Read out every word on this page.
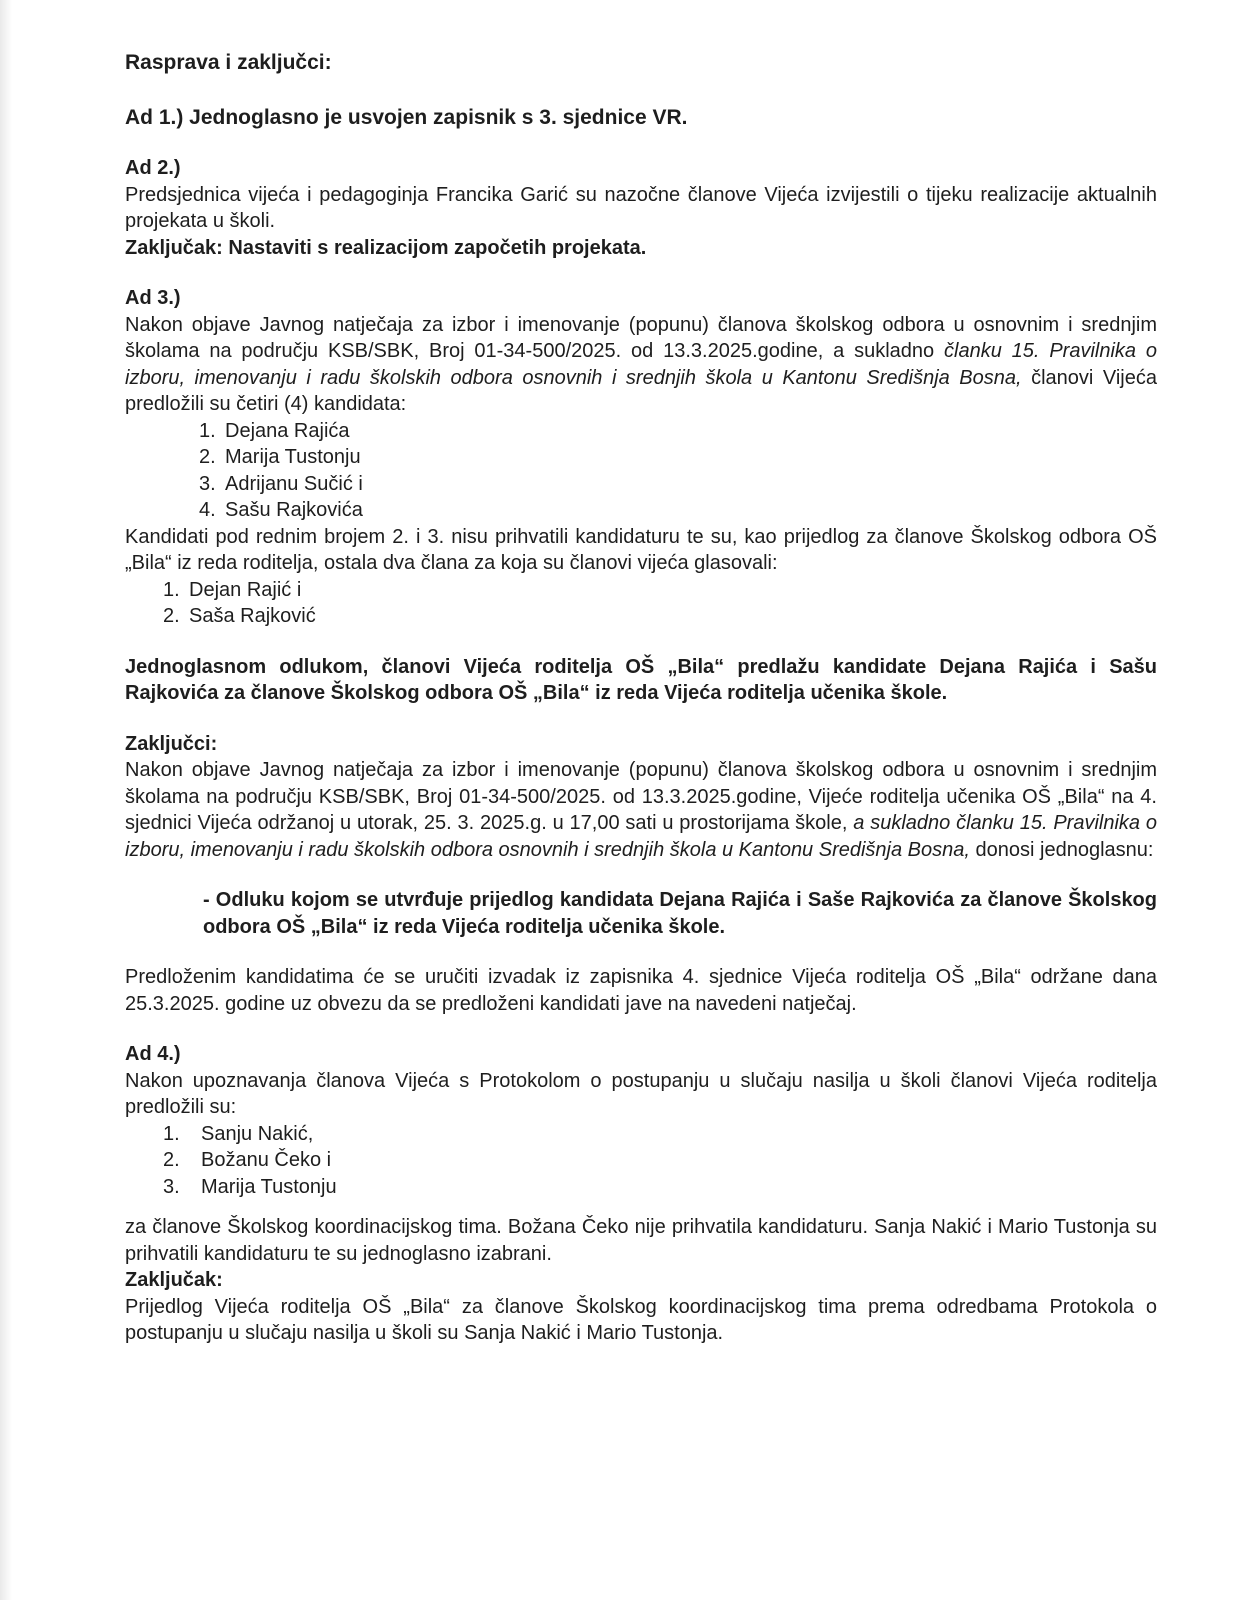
Rasprava i zaključci:

Ad 1.) Jednoglasno je usvojen zapisnik s 3. sjednice VR.

Ad 2.)

Predsjednica vijeća i pedagoginja Francika Garić su nazočne članove Vijeća izvijestili o tijeku realizacije aktualnih projekata u školi.

Zaključak: Nastaviti s realizacijom započetih projekata.

Ad 3.)

Nakon objave Javnog natječaja za izbor i imenovanje (popunu) članova školskog odbora u osnovnim i srednjim školama na području KSB/SBK, Broj 01-34-500/2025. od 13.3.2025.godine, a sukladno članku 15. Pravilnika o izboru, imenovanju i radu školskih odbora osnovnih i srednjih škola u Kantonu Središnja Bosna, članovi Vijeća predložili su četiri (4) kandidata:

1. Dejana Rajića
2. Marija Tustonju
3. Adrijanu Sučić i
4. Sašu Rajkovića

Kandidati pod rednim brojem 2. i 3. nisu prihvatili kandidaturu te su, kao prijedlog za članove Školskog odbora OŠ „Bila“ iz reda roditelja, ostala dva člana za koja su članovi vijeća glasovali:

1. Dejan Rajić i
2. Saša Rajković

Jednoglasnom odlukom, članovi Vijeća roditelja OŠ „Bila“ predlažu kandidate Dejana Rajića i Sašu Rajkovića za članove Školskog odbora OŠ „Bila“ iz reda Vijeća roditelja učenika škole.

Zaključci:

Nakon objave Javnog natječaja za izbor i imenovanje (popunu) članova školskog odbora u osnovnim i srednjim školama na području KSB/SBK, Broj 01-34-500/2025. od 13.3.2025.godine, Vijeće roditelja učenika OŠ „Bila“ na 4. sjednici Vijeća održanoj u utorak, 25. 3. 2025.g. u 17,00 sati u prostorijama škole, a sukladno članku 15. Pravilnika o izboru, imenovanju i radu školskih odbora osnovnih i srednjih škola u Kantonu Središnja Bosna, donosi jednoglasnu:

- Odluku kojom se utvrđuje prijedlog kandidata Dejana Rajića i Saše Rajkovića za članove Školskog odbora OŠ „Bila“ iz reda Vijeća roditelja učenika škole.

Predloženim kandidatima će se uručiti izvadak iz zapisnika 4. sjednice Vijeća roditelja OŠ „Bila“ održane dana 25.3.2025. godine uz obvezu da se predloženi kandidati jave na navedeni natječaj.

Ad 4.)

Nakon upoznavanja članova Vijeća s Protokolom o postupanju u slučaju nasilja u školi članovi Vijeća roditelja predložili su:

1. Sanju Nakić,
2. Božanu Čeko i
3. Marija Tustonju

za članove Školskog koordinacijskog tima. Božana Čeko nije prihvatila kandidaturu. Sanja Nakić i Mario Tustonja su prihvatili kandidaturu te su jednoglasno izabrani.

Zaključak:

Prijedlog Vijeća roditelja OŠ „Bila“ za članove Školskog koordinacijskog tima prema odredbama Protokola o postupanju u slučaju nasilja u školi su Sanja Nakić i Mario Tustonja.
